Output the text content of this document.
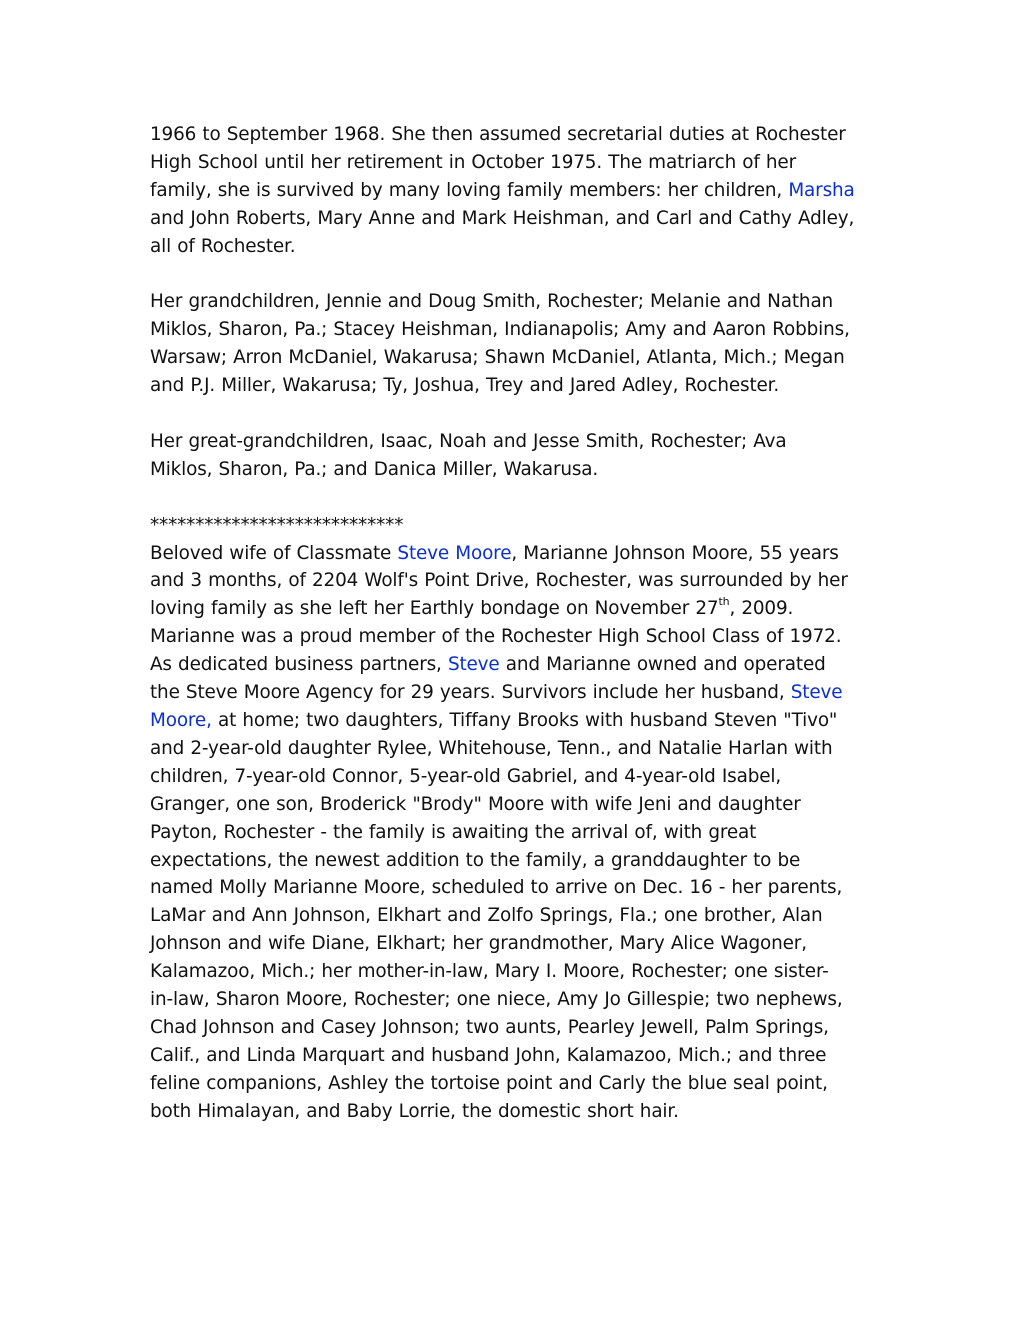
1966 to September 1968. She then assumed secretarial duties at Rochester
High School until her retirement in October 1975. The matriarch of her
family, she is survived by many loving family members: her children, Marsha
and John Roberts, Mary Anne and Mark Heishman, and Carl and Cathy Adley,
all of Rochester.
Her grandchildren, Jennie and Doug Smith, Rochester; Melanie and Nathan
Miklos, Sharon, Pa.; Stacey Heishman, Indianapolis; Amy and Aaron Robbins,
Warsaw; Arron McDaniel, Wakarusa; Shawn McDaniel, Atlanta, Mich.; Megan
and P.J. Miller, Wakarusa; Ty, Joshua, Trey and Jared Adley, Rochester.
Her great-grandchildren, Isaac, Noah and Jesse Smith, Rochester; Ava
Miklos, Sharon, Pa.; and Danica Miller, Wakarusa.
****************************
Beloved wife of Classmate Steve Moore, Marianne Johnson Moore, 55 years
and 3 months, of 2204 Wolf's Point Drive, Rochester, was surrounded by her
loving family as she left her Earthly bondage on November 27th, 2009.
Marianne was a proud member of the Rochester High School Class of 1972.
As dedicated business partners, Steve and Marianne owned and operated
the Steve Moore Agency for 29 years. Survivors include her husband, Steve
Moore, at home; two daughters, Tiffany Brooks with husband Steven "Tivo"
and 2-year-old daughter Rylee, Whitehouse, Tenn., and Natalie Harlan with
children, 7-year-old Connor, 5-year-old Gabriel, and 4-year-old Isabel,
Granger, one son, Broderick "Brody" Moore with wife Jeni and daughter
Payton, Rochester - the family is awaiting the arrival of, with great
expectations, the newest addition to the family, a granddaughter to be
named Molly Marianne Moore, scheduled to arrive on Dec. 16 - her parents,
LaMar and Ann Johnson, Elkhart and Zolfo Springs, Fla.; one brother, Alan
Johnson and wife Diane, Elkhart; her grandmother, Mary Alice Wagoner,
Kalamazoo, Mich.; her mother-in-law, Mary I. Moore, Rochester; one sister-
in-law, Sharon Moore, Rochester; one niece, Amy Jo Gillespie; two nephews,
Chad Johnson and Casey Johnson; two aunts, Pearley Jewell, Palm Springs,
Calif., and Linda Marquart and husband John, Kalamazoo, Mich.; and three
feline companions, Ashley the tortoise point and Carly the blue seal point,
both Himalayan, and Baby Lorrie, the domestic short hair.
